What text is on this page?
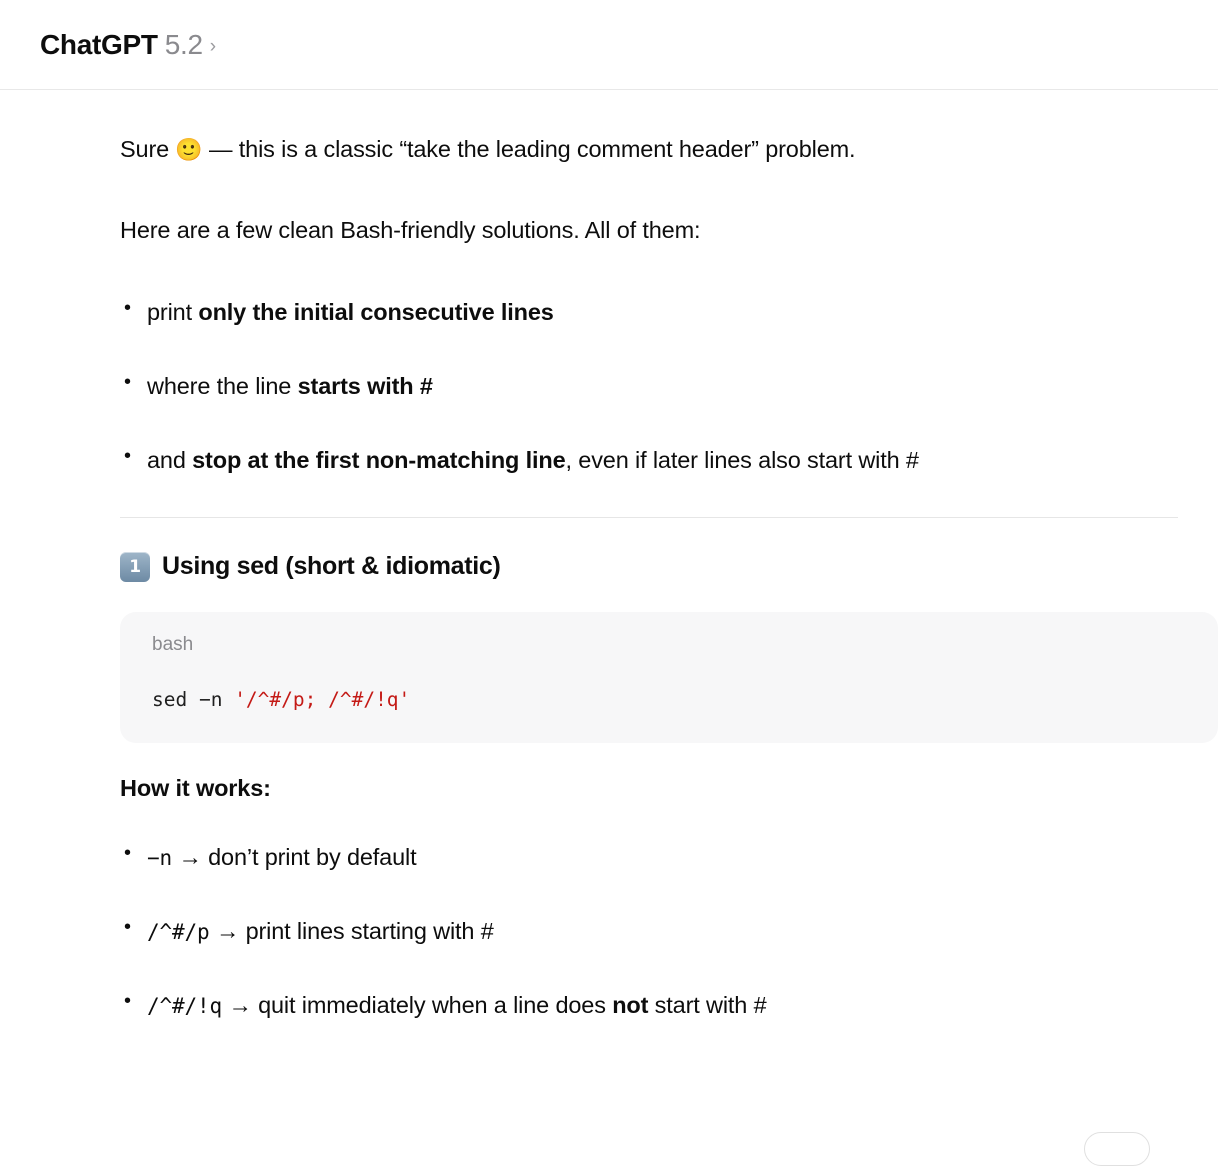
ChatGPT 5.2 ›

Sure 🙂 — this is a classic “take the leading comment header” problem.

Here are a few clean Bash-friendly solutions. All of them:

• print only the initial consecutive lines
• where the line starts with #
• and stop at the first non-matching line, even if later lines also start with #
1 Using sed (short & idiomatic)
bash
sed −n '/^#/p; /^#/!q'
How it works:
• −n → don’t print by default
• /^#/p → print lines starting with #
• /^#/!q → quit immediately when a line does not start with #
